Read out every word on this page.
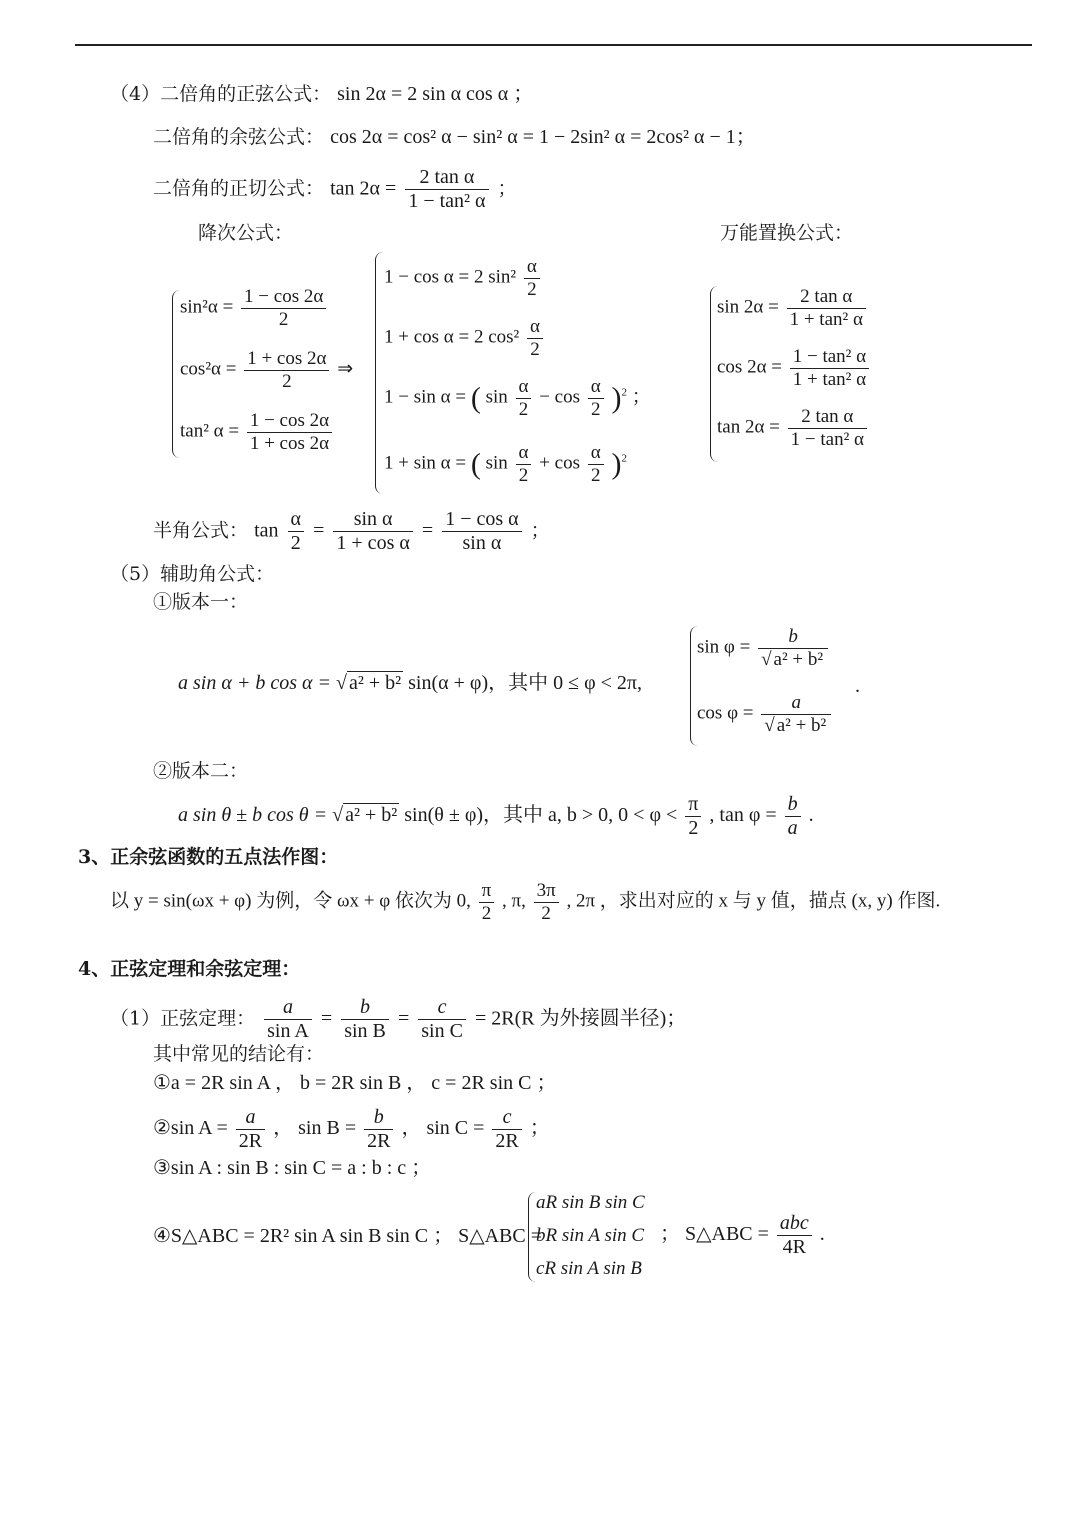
（4）二倍角的正弦公式： sin 2α = 2 sin α cos α ；
二倍角的余弦公式： cos 2α = cos² α − sin² α = 1 − 2sin² α = 2cos² α − 1；
二倍角的正切公式： $\tan 2\alpha = \frac{\text{2 tan α}}{\text{1 − tan² α}}$ ；
降次公式：	万能置换公式：
$\sin^2\alpha = \frac{1 - \cos 2\alpha}{2}$
$\cos^2\alpha = \frac{1 + \cos 2\alpha}{2}$ ⇒
tan² $\alpha = \frac{1 - \cos 2\alpha}{1 + \cos 2\alpha}$
1 − cos α = 2 $\sin^2 \frac{\alpha}{2}$
1 + cos α = 2 $\cos^2 \frac{\alpha}{2}$
1 − sin α = ( $\sin \frac{\alpha}{2} - \cos \frac{\alpha}{2} )^2$ ；
1 + sin α = ( $\sin \frac{\alpha}{2} + \cos \frac{\alpha}{2} )^2$
$\sin 2\alpha = \frac{\text{2 tan α}}{\text{1 + tan² α}}$
$\cos 2\alpha = \frac{\text{1 − tan² α}}{\text{1 + tan² α}}$
$\tan 2\alpha = \frac{\text{2 tan α}}{\text{1 − tan² α}}$
半角公式： $\tan \frac{\alpha}{2} = \frac{\text{sin α}}{\text{1 + cos α}} = \frac{\text{1 − cos α}}{\text{sin α}}$ ；
（5）辅助角公式：
①版本一：
a sin α + b cos α = √ a² + b² sin(α + φ)，其中 0 ≤ φ < 2π,
$\sin \varphi = \frac{b}{\text{√ a² + b²}}$
$\cos \varphi = \frac{a}{\text{√ a² + b²}}$
.
②版本二：
a sin θ ± b cos θ = √ a² + b² sin(θ ± φ)，其中 a, b > 0, $0 < \varphi < \frac{\pi}{2}$ , $\tan \varphi = \frac{b}{a}$ .
3、正余弦函数的五点法作图：
以 y = sin(ωx + φ) 为例，令 ωx + φ 依次为 0, $\frac{\pi}{2}$ , π, $\frac{3\pi}{2}$ , 2π ，求出对应的 x 与 y 值，描点 (x, y) 作图.
4、正弦定理和余弦定理：
（1）正弦定理： $\frac{a}{\text{sin A}} = \frac{b}{\text{sin B}} = \frac{c}{\text{sin C}} = 2R(R$ 为外接圆半径)；
其中常见的结论有：
①a = 2R sin A ， b = 2R sin B ， c = 2R sin C ；
②sin $A = \frac{a}{2R}$ ， $\sin B = \frac{b}{2R}$ ， $\sin C = \frac{c}{2R}$ ；
③sin A : sin B : sin C = a : b : c ；
④S△ABC = 2R² sin A sin B sin C ； S△ABC =
aR sin B sin C
bR sin A sin C
cR sin A sin B
； S△ABC = $\frac{\text{abc}}{4R}$ .
